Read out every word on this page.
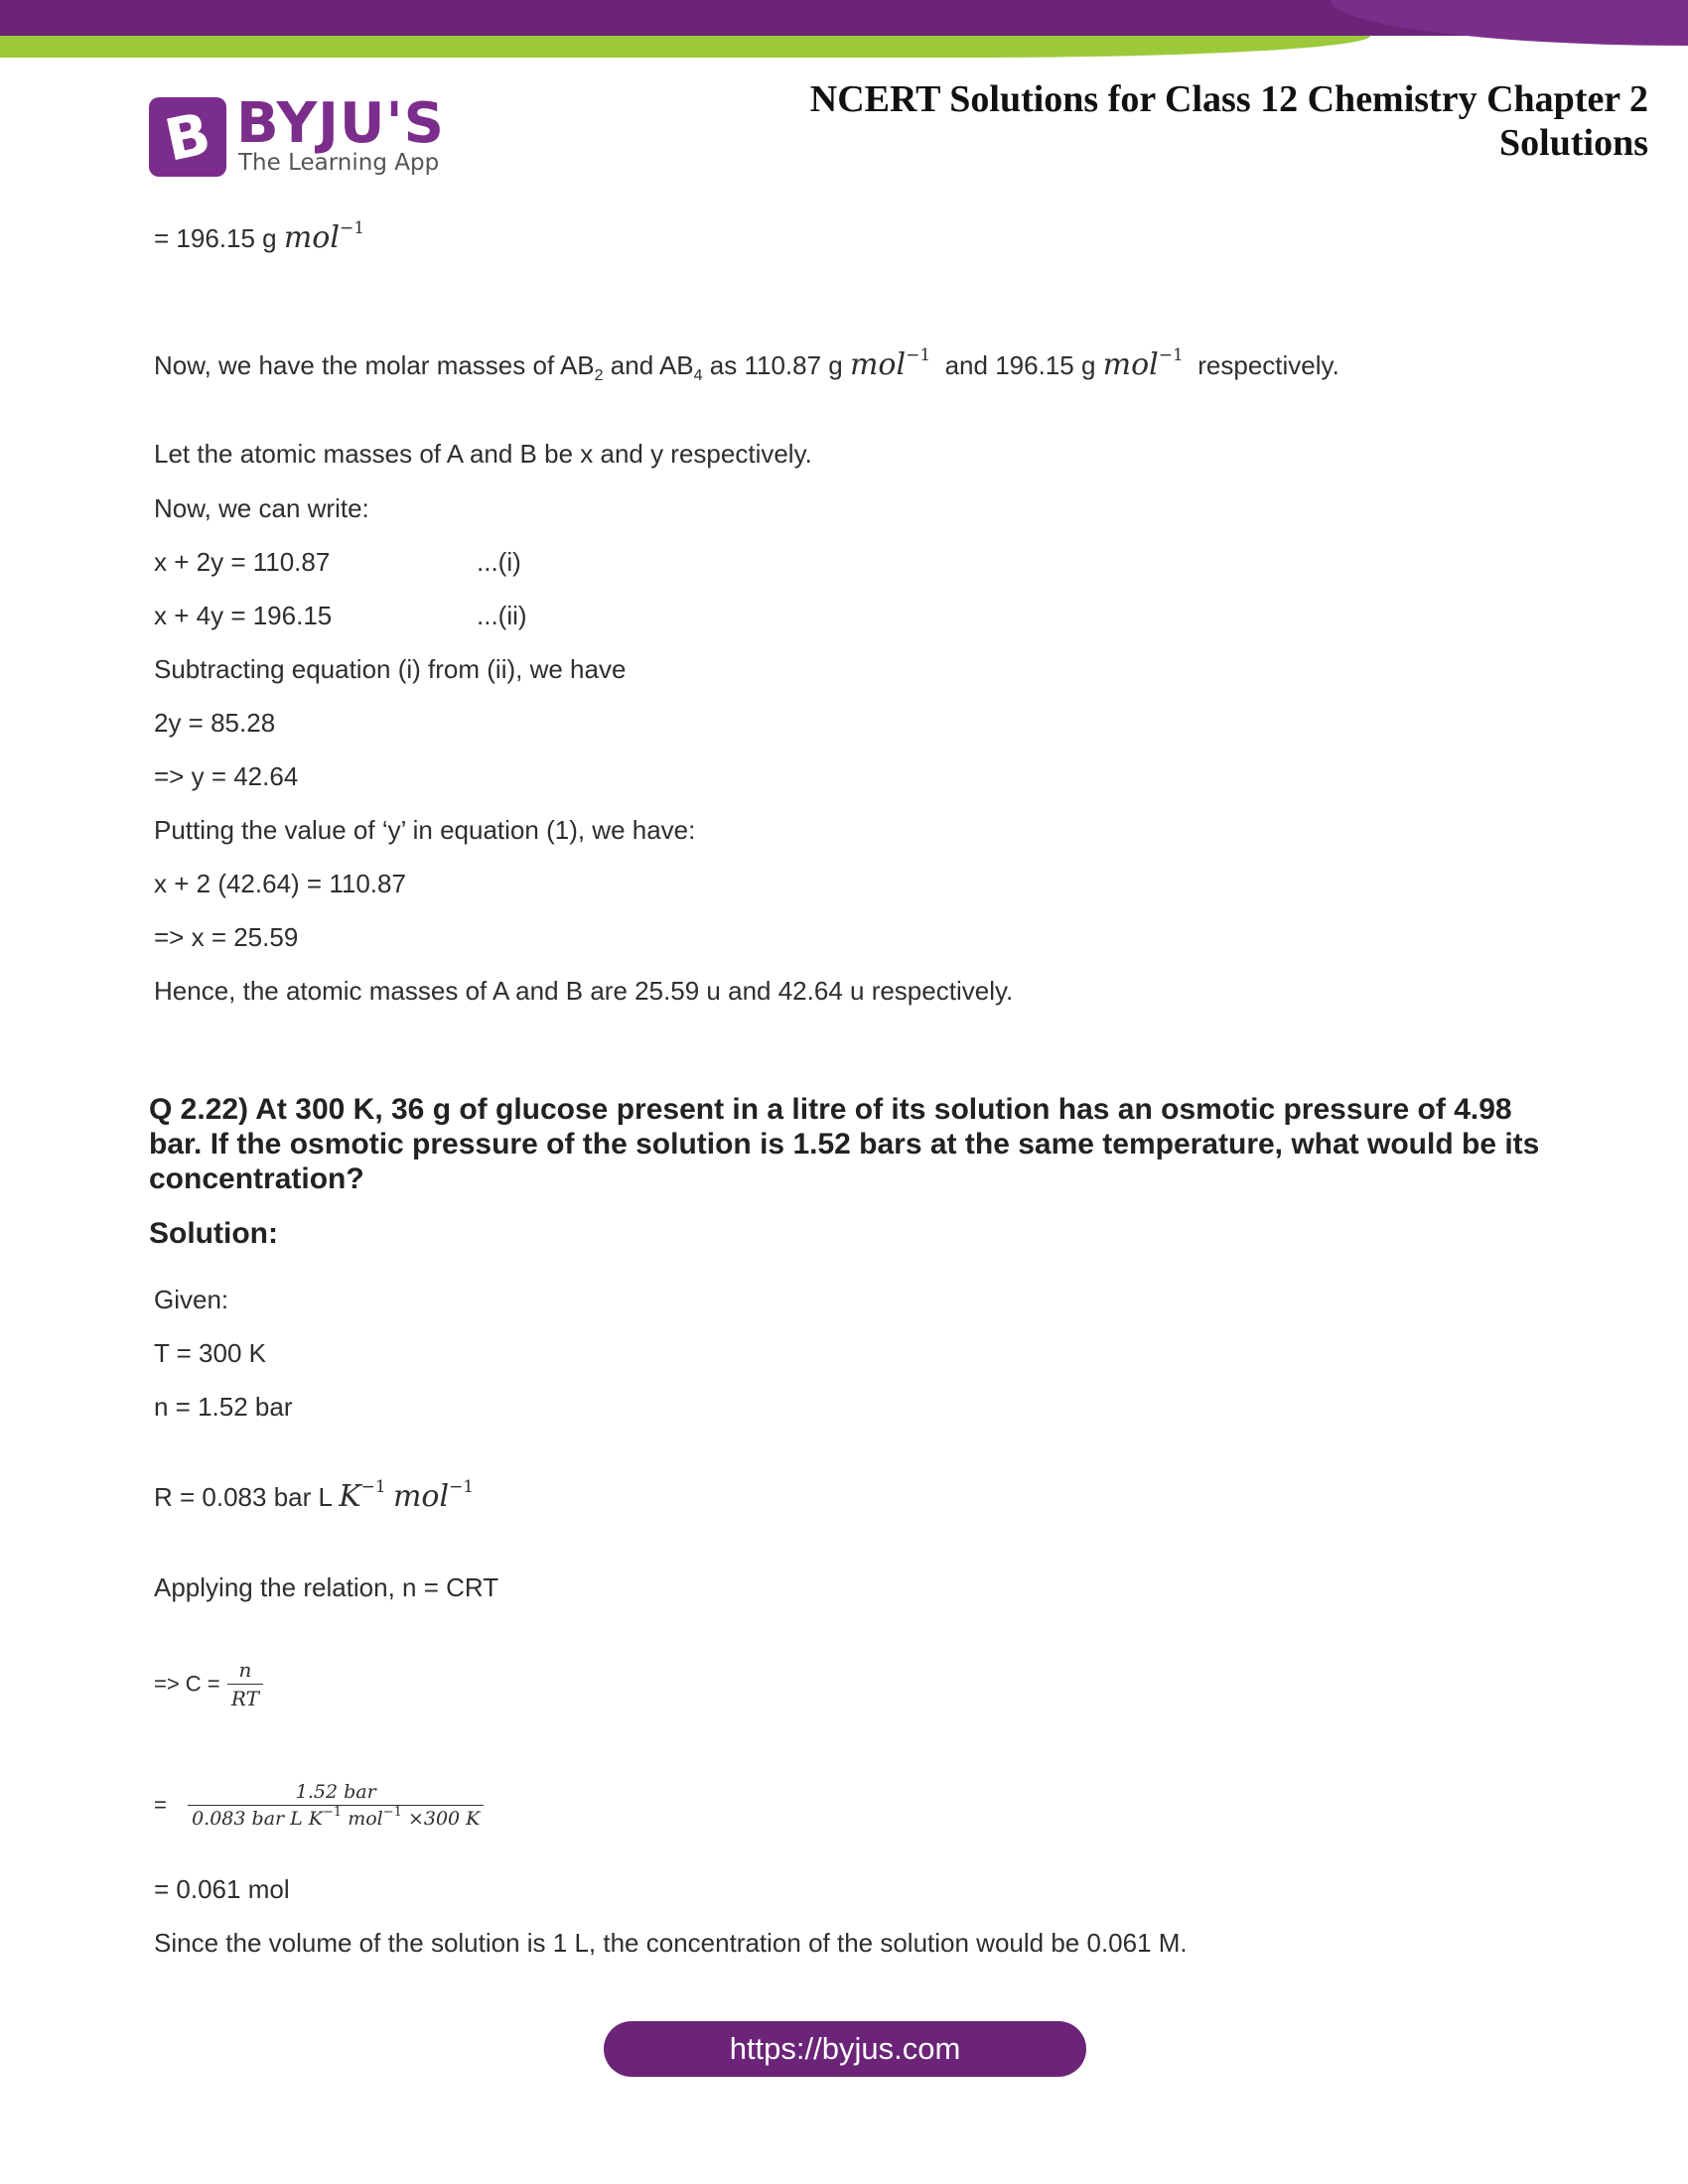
B BYJU'S
The Learning App
NCERT Solutions for Class 12 Chemistry Chapter 2
Solutions
= 196.15 g mol$^{-1}$
Now, we have the molar masses of $AB_2$ and $AB_4$ as 110.87 g mol$^{-1}$ and 196.15 g mol$^{-1}$ respectively.
Let the atomic masses of A and B be x and y respectively.
Now, we can write:
x + 2y = 110.87	...(i)
x + 4y = 196.15	...(ii)
Subtracting equation (i) from (ii), we have
2y = 85.28
=> y = 42.64
Putting the value of ‘y’ in equation (1), we have:
x + 2 (42.64) = 110.87
=> x = 25.59
Hence, the atomic masses of A and B are 25.59 u and 42.64 u respectively.
Q 2.22) At 300 K, 36 g of glucose present in a litre of its solution has an osmotic pressure of 4.98 bar. If the osmotic pressure of the solution is 1.52 bars at the same temperature, what would be its concentration?
Solution:
Given:
T = 300 K
n = 1.52 bar
R = 0.083 bar L $K^{-1}$ mol$^{-1}$
Applying the relation, n = CRT
=> $C = \frac{n}{RT}$
= $\frac{\text{1.52 bar}}{0.083 bar L K^{-1} mol^{-1} \times 300 K}$
= 0.061 mol
Since the volume of the solution is 1 L, the concentration of the solution would be 0.061 M.
https://byjus.com
